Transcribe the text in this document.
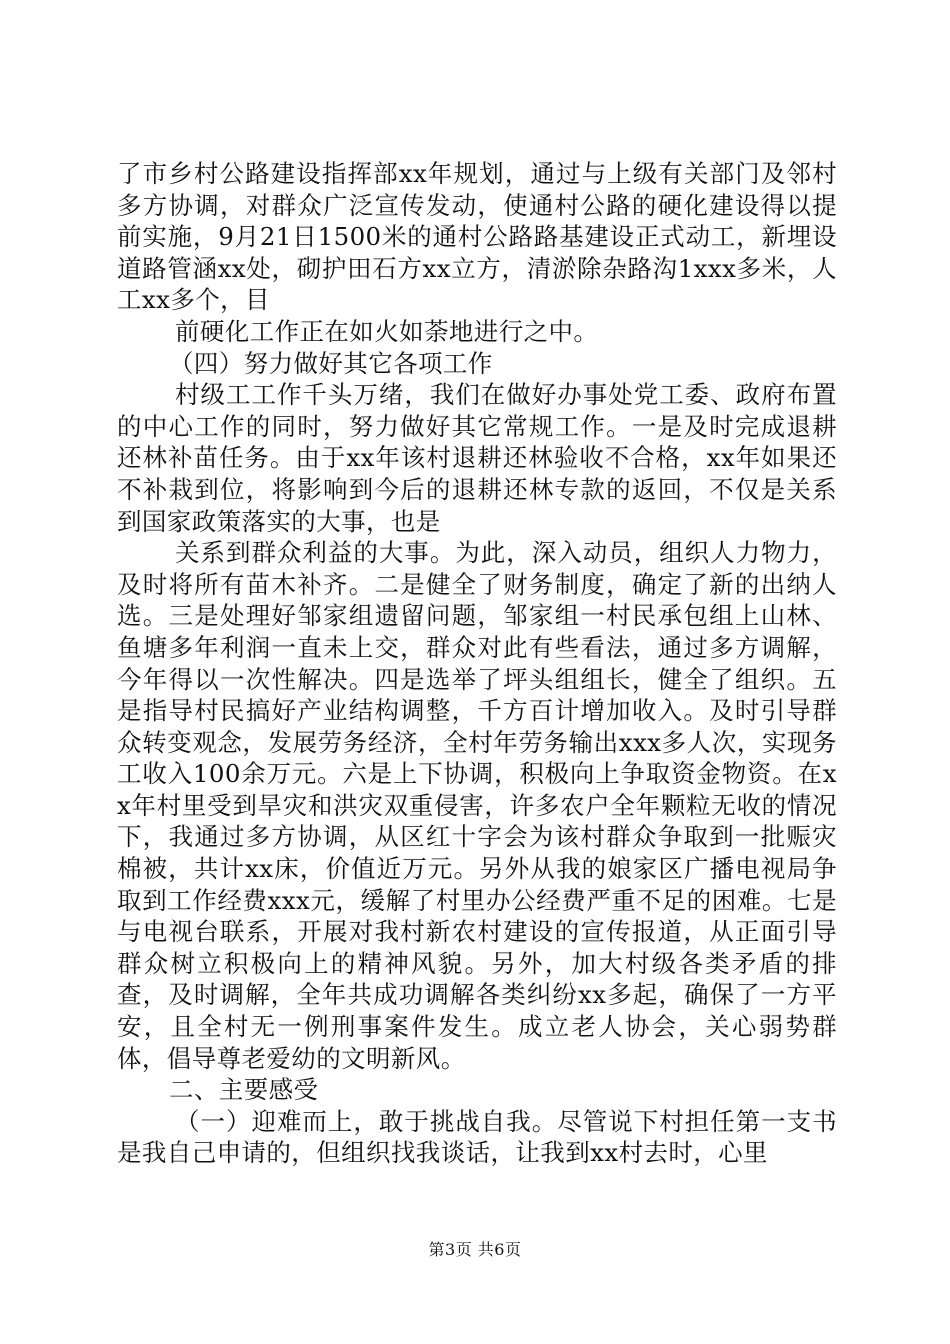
了市乡村公路建设指挥部xx年规划，通过与上级有关部门及邻村多方协调，对群众广泛宣传发动，使通村公路的硬化建设得以提前实施，9月21日1500米的通村公路路基建设正式动工，新埋设道路管涵xx处，砌护田石方xx立方，清淤除杂路沟1xxx多米，人工xx多个，目

前硬化工作正在如火如荼地进行之中。

（四）努力做好其它各项工作

村级工工作千头万绪，我们在做好办事处党工委、政府布置的中心工作的同时，努力做好其它常规工作。一是及时完成退耕还林补苗任务。由于xx年该村退耕还林验收不合格，xx年如果还不补栽到位，将影响到今后的退耕还林专款的返回，不仅是关系到国家政策落实的大事，也是

关系到群众利益的大事。为此，深入动员，组织人力物力，及时将所有苗木补齐。二是健全了财务制度，确定了新的出纳人选。三是处理好邹家组遗留问题，邹家组一村民承包组上山林、鱼塘多年利润一直未上交，群众对此有些看法，通过多方调解，今年得以一次性解决。四是选举了坪头组组长，健全了组织。五是指导村民搞好产业结构调整，千方百计增加收入。及时引导群众转变观念，发展劳务经济，全村年劳务输出xxx多人次，实现务工收入100余万元。六是上下协调，积极向上争取资金物资。在xx年村里受到旱灾和洪灾双重侵害，许多农户全年颗粒无收的情况下，我通过多方协调，从区红十字会为该村群众争取到一批赈灾棉被，共计xx床，价值近万元。另外从我的娘家区广播电视局争取到工作经费xxx元，缓解了村里办公经费严重不足的困难。七是与电视台联系，开展对我村新农村建设的宣传报道，从正面引导群众树立积极向上的精神风貌。另外，加大村级各类矛盾的排查，及时调解，全年共成功调解各类纠纷xx多起，确保了一方平安，且全村无一例刑事案件发生。成立老人协会，关心弱势群体，倡导尊老爱幼的文明新风。

二、主要感受

（一）迎难而上，敢于挑战自我。尽管说下村担任第一支书是我自己申请的，但组织找我谈话，让我到xx村去时，心里

第3页 共6页
